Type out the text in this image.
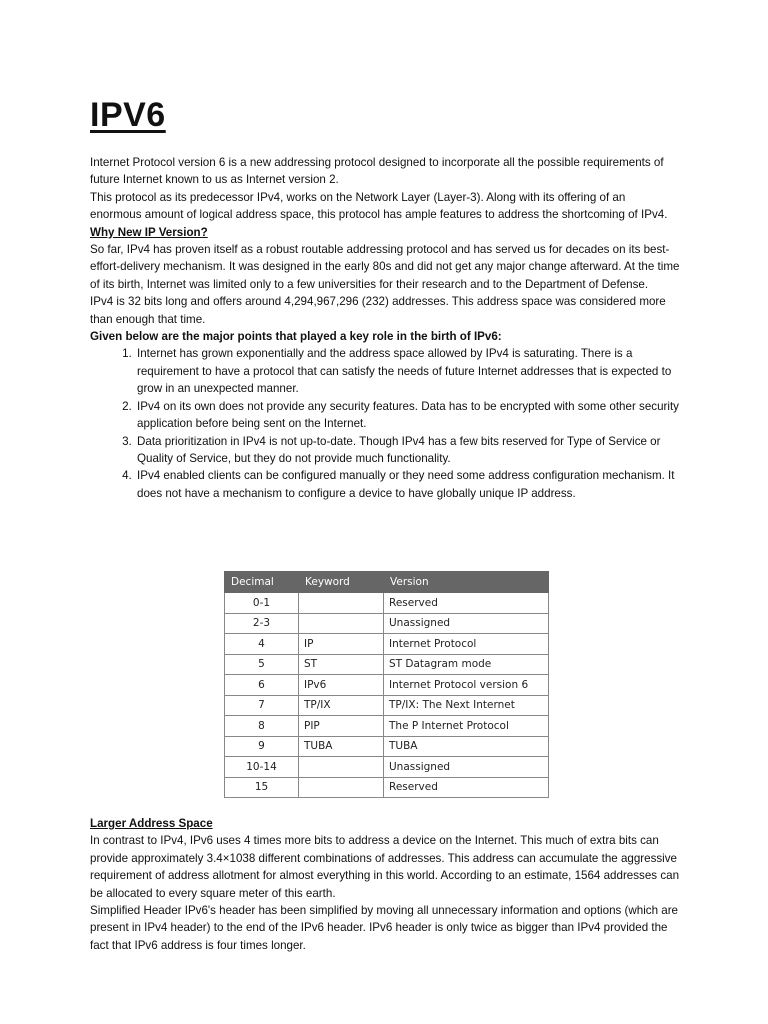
IPV6

Internet Protocol version 6 is a new addressing protocol designed to incorporate all the possible requirements of future Internet known to us as Internet version 2.

This protocol as its predecessor IPv4, works on the Network Layer (Layer-3). Along with its offering of an enormous amount of logical address space, this protocol has ample features to address the shortcoming of IPv4.

Why New IP Version?

So far, IPv4 has proven itself as a robust routable addressing protocol and has served us for decades on its best-effort-delivery mechanism. It was designed in the early 80s and did not get any major change afterward. At the time of its birth, Internet was limited only to a few universities for their research and to the Department of Defense.

IPv4 is 32 bits long and offers around 4,294,967,296 (232) addresses. This address space was considered more than enough that time.

Given below are the major points that played a key role in the birth of IPv6:

1. Internet has grown exponentially and the address space allowed by IPv4 is saturating. There is a requirement to have a protocol that can satisfy the needs of future Internet addresses that is expected to grow in an unexpected manner.
2. IPv4 on its own does not provide any security features. Data has to be encrypted with some other security application before being sent on the Internet.
3. Data prioritization in IPv4 is not up-to-date. Though IPv4 has a few bits reserved for Type of Service or Quality of Service, but they do not provide much functionality.
4. IPv4 enabled clients can be configured manually or they need some address configuration mechanism. It does not have a mechanism to configure a device to have globally unique IP address.
Decimal	Keyword	Version
0-1		Reserved
2-3		Unassigned
4	IP	Internet Protocol
5	ST	ST Datagram mode
6	IPv6	Internet Protocol version 6
7	TP/IX	TP/IX: The Next Internet
8	PIP	The P Internet Protocol
9	TUBA	TUBA
10-14		Unassigned
15		Reserved

Larger Address Space

In contrast to IPv4, IPv6 uses 4 times more bits to address a device on the Internet. This much of extra bits can provide approximately 3.4×1038 different combinations of addresses. This address can accumulate the aggressive requirement of address allotment for almost everything in this world. According to an estimate, 1564 addresses can be allocated to every square meter of this earth.

Simplified Header IPv6's header has been simplified by moving all unnecessary information and options (which are present in IPv4 header) to the end of the IPv6 header. IPv6 header is only twice as bigger than IPv4 provided the fact that IPv6 address is four times longer.
